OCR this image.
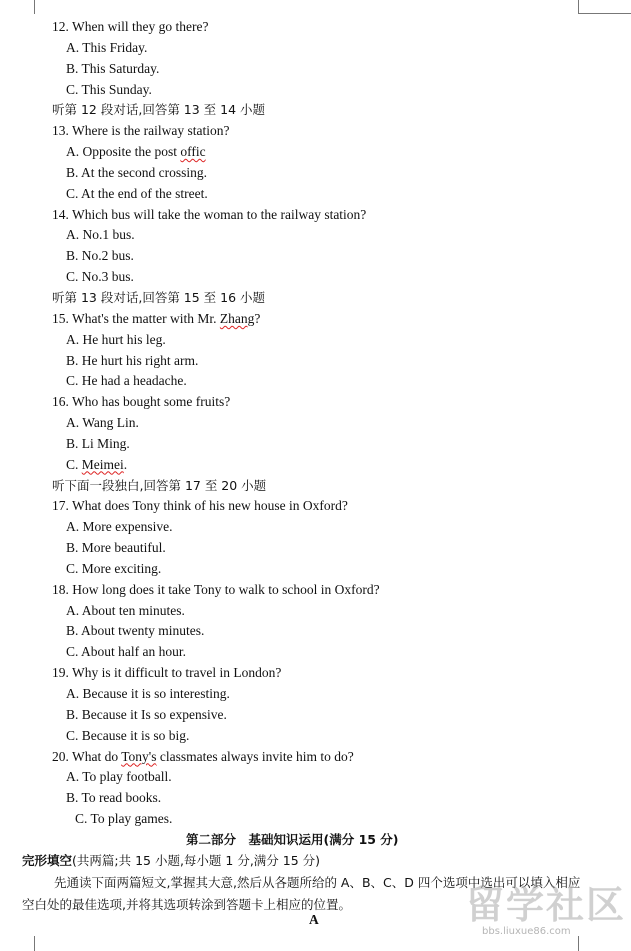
12. When will they go there?
A. This Friday.
B. This Saturday.
C. This Sunday.
听第 12 段对话,回答第 13 至 14 小题
13. Where is the railway station?
A. Opposite the post offic
B. At the second crossing.
C. At the end of the street.
14. Which bus will take the woman to the railway station?
A. No.1 bus.
B. No.2 bus.
C. No.3 bus.
听第 13 段对话,回答第 15 至 16 小题
15. What's the matter with Mr. Zhang?
A. He hurt his leg.
B. He hurt his right arm.
C. He had a headache.
16. Who has bought some fruits?
A. Wang Lin.
B. Li Ming.
C. Meimei.
听下面一段独白,回答第 17 至 20 小题
17. What does Tony think of his new house in Oxford?
A. More expensive.
B. More beautiful.
C. More exciting.
18. How long does it take Tony to walk to school in Oxford?
A. About ten minutes.
B. About twenty minutes.
C. About half an hour.
19. Why is it difficult to travel in London?
A. Because it is so interesting.
B. Because it Is so expensive.
C. Because it is so big.
20. What do Tony's classmates always invite him to do?
A. To play football.
B. To read books.
C. To play games.
第二部分　基础知识运用(满分 15 分)
完形填空(共两篇;共 15 小题,每小题 1 分,满分 15 分)
先通读下面两篇短文,掌握其大意,然后从各题所给的 A、B、C、D 四个选项中选出可以填入相应空白处的最佳选项,并将其选项转涂到答题卡上相应的位置。
A	留学社区
bbs.liuxue86.com
